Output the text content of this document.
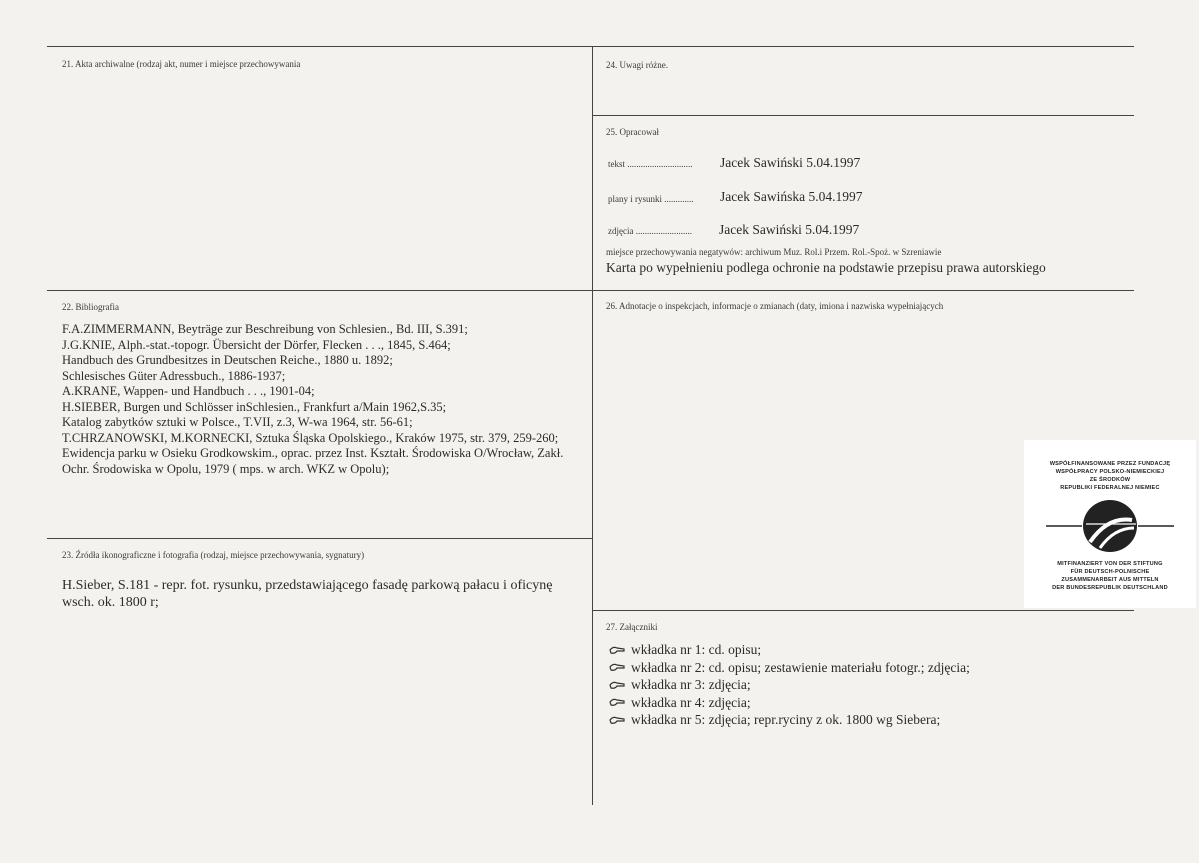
21. Akta archiwalne (rodzaj akt, numer i miejsce przechowywania
22. Bibliografia
F.A.ZIMMERMANN, Beyträge zur Beschreibung von Schlesien., Bd. III, S.391;
J.G.KNIE, Alph.-stat.-topogr. Übersicht der Dörfer, Flecken . . ., 1845, S.464;
Handbuch des Grundbesitzes in Deutschen Reiche., 1880 u. 1892;
Schlesisches Güter Adressbuch., 1886-1937;
A.KRANE, Wappen- und Handbuch . . ., 1901-04;
H.SIEBER, Burgen und Schlösser inSchlesien., Frankfurt a/Main 1962,S.35;
Katalog zabytków sztuki w Polsce., T.VII, z.3, W-wa 1964, str. 56-61;
T.CHRZANOWSKI, M.KORNECKI, Sztuka Śląska Opolskiego., Kraków 1975, str. 379, 259-260;
Ewidencja parku w Osieku Grodkowskim., oprac. przez Inst. Kształt. Środowiska O/Wrocław, Zakł.
Ochr. Środowiska w Opolu, 1979 ( mps. w arch. WKZ w Opolu);
23. Źródła ikonograficzne i fotografia (rodzaj, miejsce przechowywania, sygnatury)
H.Sieber, S.181 - repr. fot. rysunku, przedstawiającego fasadę parkową pałacu i oficynę
wsch. ok. 1800 r;
24. Uwagi różne.
25. Opracował
tekst ............................. Jacek Sawiński 5.04.1997
plany i rysunki ............. Jacek Sawińska 5.04.1997
zdjęcia ......................... Jacek Sawiński 5.04.1997
miejsce przechowywania negatywów: archiwum Muz. Rol.i Przem. Rol.-Spoż. w Szreniawie
Karta po wypełnieniu podlega ochronie na podstawie przepisu prawa autorskiego
26. Adnotacje o inspekcjach, informacje o zmianach (daty, imiona i nazwiska wypełniających
WSPÓŁFINANSOWANE PRZEZ FUNDACJĘ
WSPÓŁPRACY POLSKO-NIEMIECKIEJ
ZE ŚRODKÓW
REPUBLIKI FEDERALNEJ NIEMIEC
MITFINANZIERT VON DER STIFTUNG
FÜR DEUTSCH-POLNISCHE
ZUSAMMENARBEIT AUS MITTELN
DER BUNDESREPUBLIK DEUTSCHLAND
27. Załączniki
wkładka nr 1: cd. opisu;
wkładka nr 2: cd. opisu; zestawienie materiału fotogr.; zdjęcia;
wkładka nr 3: zdjęcia;
wkładka nr 4: zdjęcia;
wkładka nr 5: zdjęcia; repr.ryciny z ok. 1800 wg Siebera;
